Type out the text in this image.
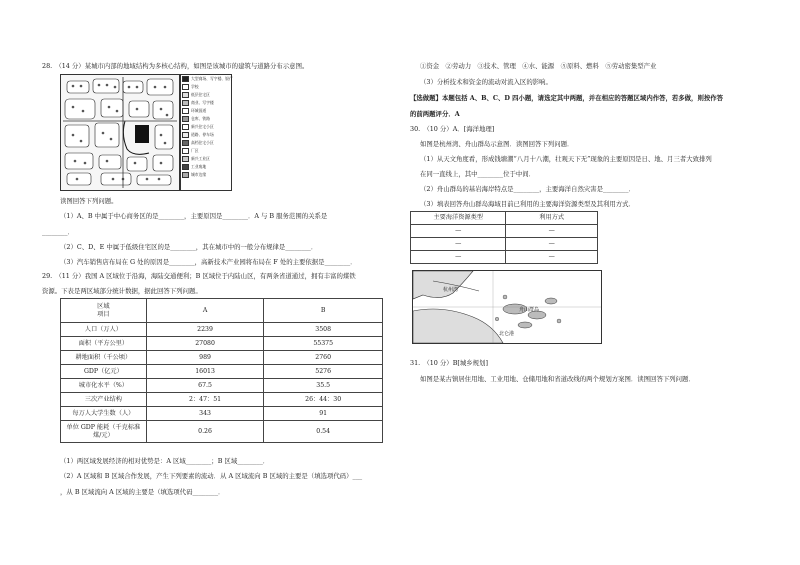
28.　（14 分）某城市内部的地域结构为多核心结构，如图是该城市的建筑与道路分布示意图。
大型商场、写字楼、银行
学校
低层住宅区
商业、写字楼
环城国道
仓库、铁路
新兴住宅小区
道路、停车场
高档住宅小区
厂区
新兴工业区
工业废地
城市边缘
读图回答下列问题。
（1）A、B 中属于中心商务区的是________，主要原因是________．A 与 B 服务范围的关系是
________．
（2）C、D、E 中属于低级住宅区的是________，其在城市中的一般分布规律是________．
（3）汽车销售店布局在 G 处的原因是________，高新技术产业园将布局在 F 处的主要依据是________．
29.　（11 分）我国 A 区域位于沿海，海陆交通便利；B 区域位于内陆山区，有两条省道通过，拥有丰富的煤铁
资源。下表是两区域部分统计数据，据此回答下列问题。
区域
项目	A	B
人口（万人）	2239	3508
面积（平方公里）	27080	55375
耕地面积（千公顷）	989	2760
GDP（亿元）	16013	5276
城市化水平（%）	67.5	35.5
三次产业结构	2：47：51	26：44：30
每万人大学生数（人）	343	91

单位 GDP 能耗（千克标准
煤/元）	0.26	0.54
（1）两区域发展经济的相对优势是：A 区域________；B 区域________．
（2）A 区域和 B 区域合作发展，产生下列要素的流动．从 A 区域流向 B 区域的主要是（填选项代码）___
，从 B 区域流向 A 区域的主要是（填选项代码________．
①资金　②劳动力　③技术、管理　④水、能源　⑤原料、燃料　⑤劳动密集型产业
（3）分析技术和资金的流动对流入区的影响。
【选做题】本题包括 A、B、C、D 四小题，请选定其中两题，并在相应的答题区域内作答，若多做，则按作答
的前两题评分．A
30.　（10 分）A．[海洋地理]
如图是杭州湾、舟山群岛示意图．读图回答下列问题．
（1）从天文角度看，形成钱塘潮“八月十八潮，壮观天下无”现象的主要原因是日、地、月三者大致排列
在同一直线上，其中________位于中间．
（2）舟山群岛的基岩海岸特点是________，主要海洋自然灾害是________．
（3）填表回答舟山群岛海域目前已利用的主要海洋资源类型及其利用方式．
主要海洋资源类型	利用方式
—	—
—	—
—	—
杭州湾
舟山群岛
北仑港
31.　（10 分）B[城乡规划]
如图是某古镇居住用地、工业用地、仓储用地和省道改线的两个规划方案图．读图回答下列问题．
